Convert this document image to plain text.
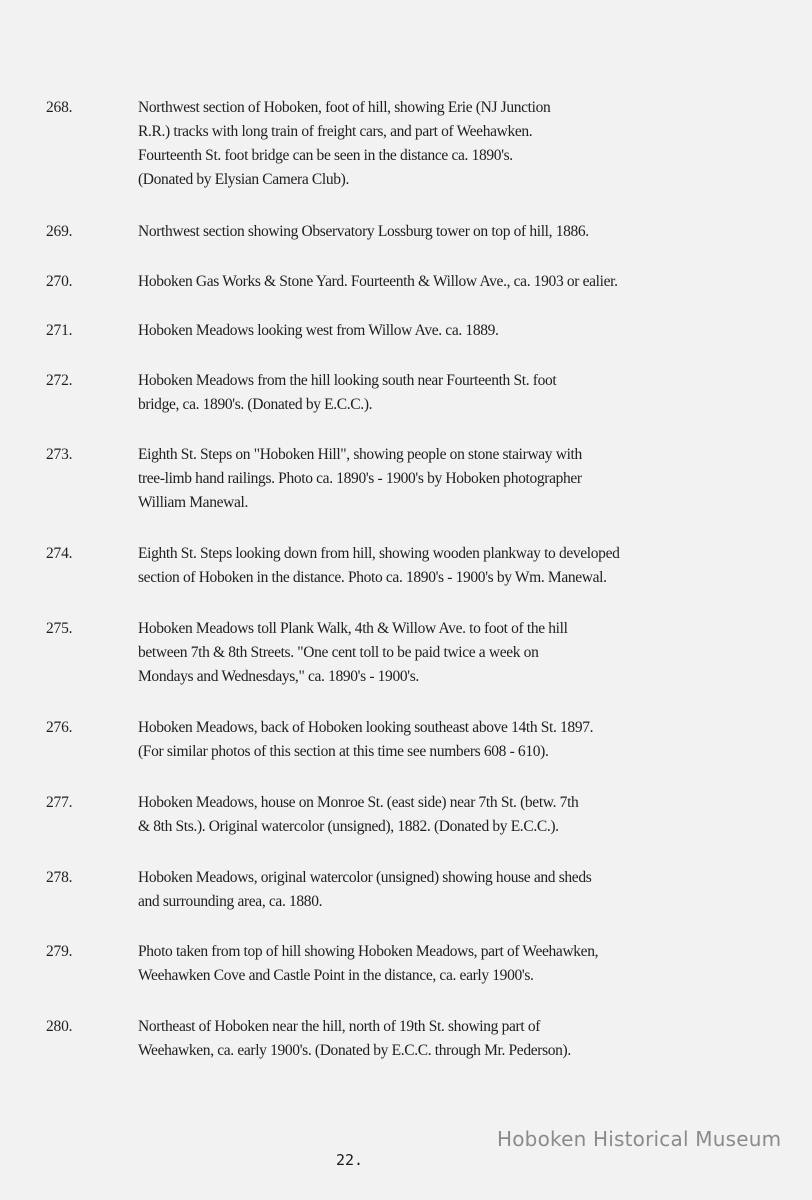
268.	Northwest section of Hoboken, foot of hill, showing Erie (NJ Junction
R.R.) tracks with long train of freight cars, and part of Weehawken.
Fourteenth St. foot bridge can be seen in the distance ca. 1890's.
(Donated by Elysian Camera Club).
269.	Northwest section showing Observatory Lossburg tower on top of hill, 1886.
270.	Hoboken Gas Works & Stone Yard. Fourteenth & Willow Ave., ca. 1903 or ealier.
271.	Hoboken Meadows looking west from Willow Ave. ca. 1889.
272.	Hoboken Meadows from the hill looking south near Fourteenth St. foot
bridge, ca. 1890's. (Donated by E.C.C.).
273.	Eighth St. Steps on "Hoboken Hill", showing people on stone stairway with
tree-limb hand railings. Photo ca. 1890's - 1900's by Hoboken photographer
William Manewal.
274.	Eighth St. Steps looking down from hill, showing wooden plankway to developed
section of Hoboken in the distance. Photo ca. 1890's - 1900's by Wm. Manewal.
275.	Hoboken Meadows toll Plank Walk, 4th & Willow Ave. to foot of the hill
between 7th & 8th Streets. "One cent toll to be paid twice a week on
Mondays and Wednesdays," ca. 1890's - 1900's.
276.	Hoboken Meadows, back of Hoboken looking southeast above 14th St. 1897.
(For similar photos of this section at this time see numbers 608 - 610).
277.	Hoboken Meadows, house on Monroe St. (east side) near 7th St. (betw. 7th
& 8th Sts.). Original watercolor (unsigned), 1882. (Donated by E.C.C.).
278.	Hoboken Meadows, original watercolor (unsigned) showing house and sheds
and surrounding area, ca. 1880.
279.	Photo taken from top of hill showing Hoboken Meadows, part of Weehawken,
Weehawken Cove and Castle Point in the distance, ca. early 1900's.
280.	Northeast of Hoboken near the hill, north of 19th St. showing part of
Weehawken, ca. early 1900's. (Donated by E.C.C. through Mr. Pederson).
Hoboken Historical Museum
22.
